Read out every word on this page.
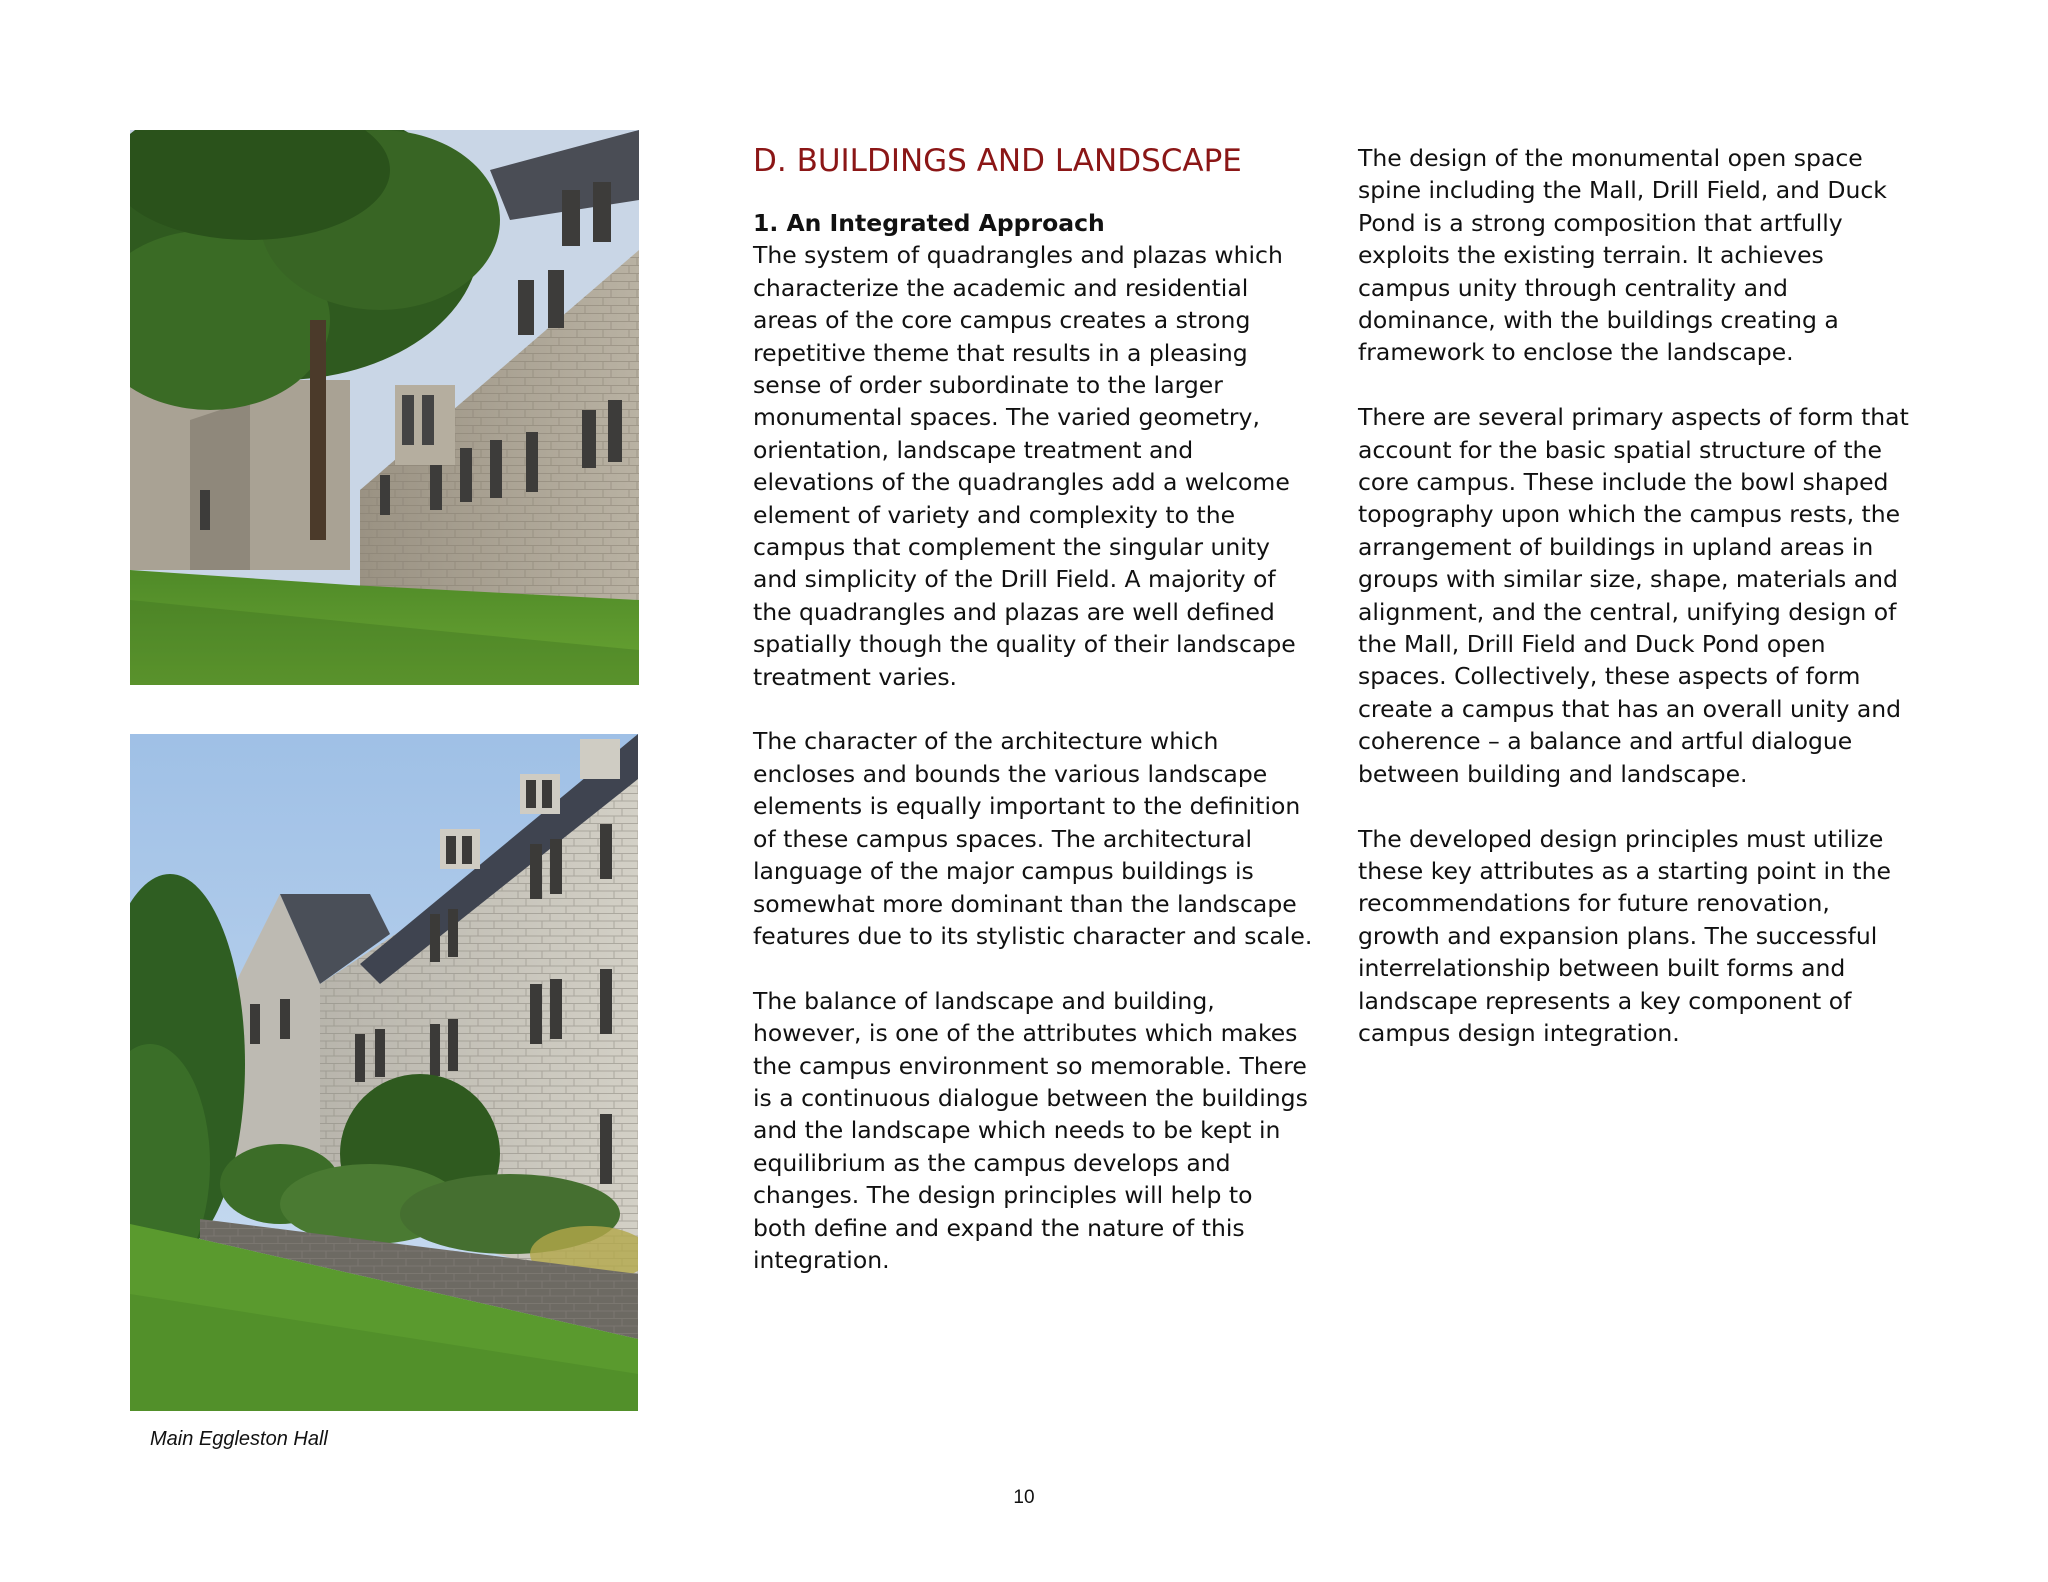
Main Eggleston Hall
D. BUILDINGS AND LANDSCAPE
1. An Integrated Approach

The system of quadrangles and plazas which characterize the academic and residential areas of the core campus creates a strong repetitive theme that results in a pleasing sense of order subordinate to the larger monumental spaces. The varied geometry, orientation, landscape treatment and elevations of the quadrangles add a welcome element of variety and complexity to the campus that complement the singular unity and simplicity of the Drill Field. A majority of the quadrangles and plazas are well defined spatially though the quality of their landscape treatment varies.

The character of the architecture which encloses and bounds the various landscape elements is equally important to the definition of these campus spaces. The architectural language of the major campus buildings is somewhat more dominant than the landscape features due to its stylistic character and scale.

The balance of landscape and building, however, is one of the attributes which makes the campus environment so memorable. There is a continuous dialogue between the buildings and the landscape which needs to be kept in equilibrium as the campus develops and changes. The design principles will help to both define and expand the nature of this integration.

The design of the monumental open space spine including the Mall, Drill Field, and Duck Pond is a strong composition that artfully exploits the existing terrain. It achieves campus unity through centrality and dominance, with the buildings creating a framework to enclose the landscape.

There are several primary aspects of form that account for the basic spatial structure of the core campus. These include the bowl shaped topography upon which the campus rests, the arrangement of buildings in upland areas in groups with similar size, shape, materials and alignment, and the central, unifying design of the Mall, Drill Field and Duck Pond open spaces. Collectively, these aspects of form create a campus that has an overall unity and coherence – a balance and artful dialogue between building and landscape.

The developed design principles must utilize these key attributes as a starting point in the recommendations for future renovation, growth and expansion plans. The successful interrelationship between built forms and landscape represents a key component of campus design integration.

10
